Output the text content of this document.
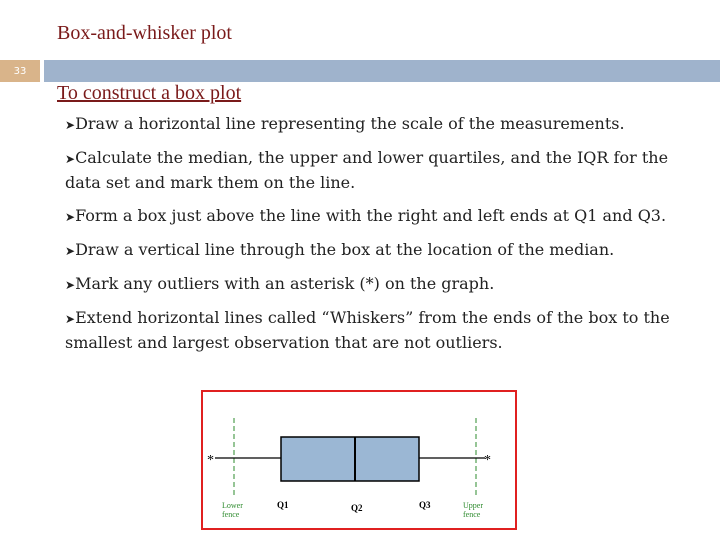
Box-and-whisker plot
33
To construct a box plot
➤Draw a horizontal line representing the scale of the measurements.
➤Calculate the median, the upper and lower quartiles, and the IQR for the data set and mark them on the line.
➤Form a box just above the line with the right and left ends at Q1 and Q3.
➤Draw a vertical line through the box at the location of the median.
➤Mark any outliers with an asterisk (*) on the graph.
➤Extend horizontal lines called “Whiskers” from the ends of the box to the smallest and largest observation that are not outliers.
*	*
Lower fence
Q1	Q2	Q3	Upper fence
